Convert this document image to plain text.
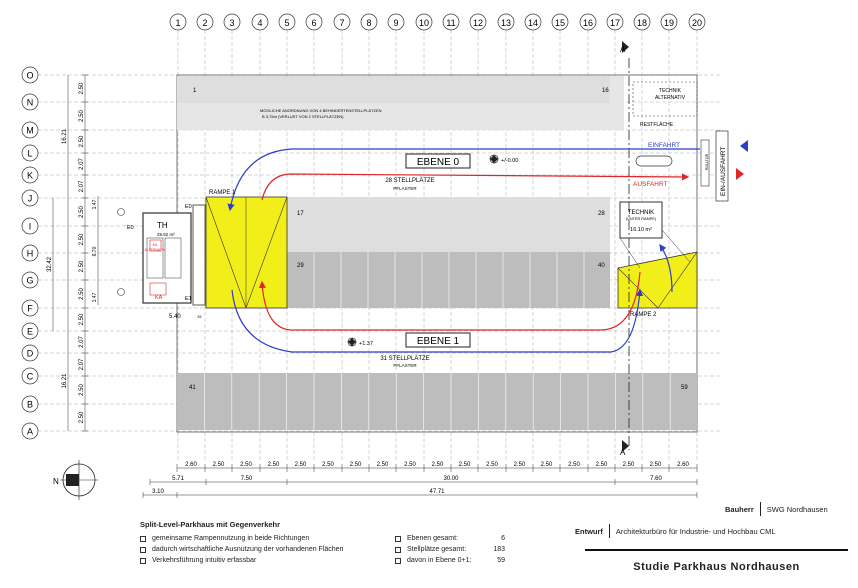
1 2 3	4 5 6	7 8 9 10 11 12 13 14 15 16 17 18 19 20
O
N
M
L
K
J
I
H
G
F
E
D
C
B
A
2.50
2.50
2.50
2.07
2.07
2.50
2.50
2.50
2.50
2.50
2.07
2.07
2.50
2.50
16.21
32.42
16.21
1.47
6.70
1.47
2.60	2.50	2.50	2.50	2.50	2.50	2.50	2.50	2.50	2.50	2.50	2.50	2.50	2.50	2.50	2.50	2.50	2.50	2.60
5.71	7.50	30.00	7.60
3.10	47.71
EBENE 0
EBENE 1
28 STELLPLÄTZE
PFLASTER
31 STELLPLÄTZE
PFLASTER
+/-0.00
+1.37
RAMPE 1
RAMPE 2
EINFAHRT
AUSFAHRT	EIN-/AUSFAHRT
ROLLTOR
TECHNIK
ALTERNATIV
RESTFLÄCHE
TECHNIK
(UNTER RAMPE)
16.10 m²
TH
29.52 m²
KA
KA
ALTERNATIV
E0
E1
E0
MÖGLICHE ANORDNUNG VON 4 BEHINDERTENSTELLPLÄTZEN
B 3,75m (VERLUST VON 2 STELLPLÄTZEN)
1	16
17	28
29	40
41	59
A
A
5.40	15
N
Split-Level-Parkhaus mit Gegenverkehr
gemeinsame Rampennutzung in beide Richtungen
dadurch wirtschaftliche Ausnutzung der vorhandenen Flächen
Verkehrsführung intuitiv erfassbar
Ebenen gesamt:	6
Stellplätze gesamt:	183
davon in Ebene 0+1:	59
Bauherr SWG Nordhausen
Entwurf Architekturbüro für Industrie- und Hochbau CML
Studie Parkhaus Nordhausen
